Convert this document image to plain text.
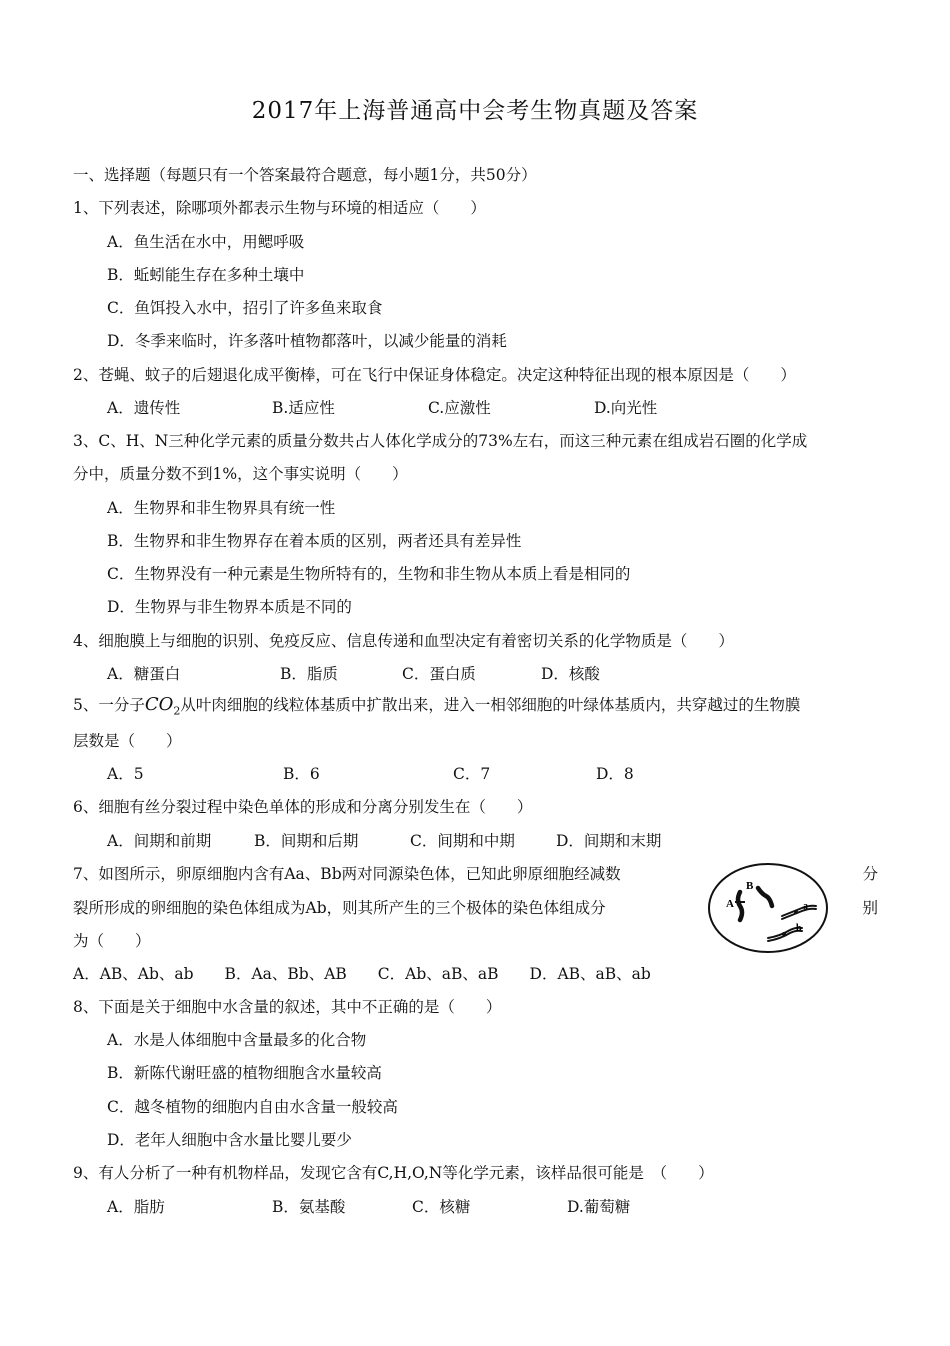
2017年上海普通高中会考生物真题及答案
一、选择题（每题只有一个答案最符合题意，每小题1分，共50分）
1、下列表述，除哪项外都表示生物与环境的相适应（　　）
A．鱼生活在水中，用鳃呼吸
B．蚯蚓能生存在多种土壤中
C．鱼饵投入水中，招引了许多鱼来取食
D．冬季来临时，许多落叶植物都落叶，以减少能量的消耗
2、苍蝇、蚊子的后翅退化成平衡棒，可在飞行中保证身体稳定。决定这种特征出现的根本原因是（　　）
A．遗传性	B.适应性	C.应激性	D.向光性
3、C、H、N三种化学元素的质量分数共占人体化学成分的73%左右，而这三种元素在组成岩石圈的化学成
分中，质量分数不到1%，这个事实说明（　　）
A．生物界和非生物界具有统一性
B．生物界和非生物界存在着本质的区别，两者还具有差异性
C．生物界没有一种元素是生物所特有的，生物和非生物从本质上看是相同的
D．生物界与非生物界本质是不同的
4、细胞膜上与细胞的识别、免疫反应、信息传递和血型决定有着密切关系的化学物质是（　　）
A．糖蛋白	B．脂质	C．蛋白质	D．核酸
5、一分子$CO_2$从叶肉细胞的线粒体基质中扩散出来，进入一相邻细胞的叶绿体基质内，共穿越过的生物膜
层数是（　　）
A．5	B．6	C．7	D．8
6、细胞有丝分裂过程中染色单体的形成和分离分别发生在（　　）
A．间期和前期	B．间期和后期	C．间期和中期	D．间期和末期
7、如图所示，卵原细胞内含有Aa、Bb两对同源染色体，已知此卵原细胞经减数	分
裂所形成的卵细胞的染色体组成为Ab，则其所产生的三个极体的染色体组成分	别
为（　　）
A
B
a
b
A．AB、Ab、ab　　B．Aa、Bb、AB　　C．Ab、aB、aB　　D．AB、aB、ab
8、下面是关于细胞中水含量的叙述，其中不正确的是（　　）
A．水是人体细胞中含量最多的化合物
B．新陈代谢旺盛的植物细胞含水量较高
C．越冬植物的细胞内自由水含量一般较高
D．老年人细胞中含水量比婴儿要少
9、有人分析了一种有机物样品，发现它含有C,H,O,N等化学元素，该样品很可能是　（　　）
A．脂肪	B．氨基酸	C．核糖	D.葡萄糖
